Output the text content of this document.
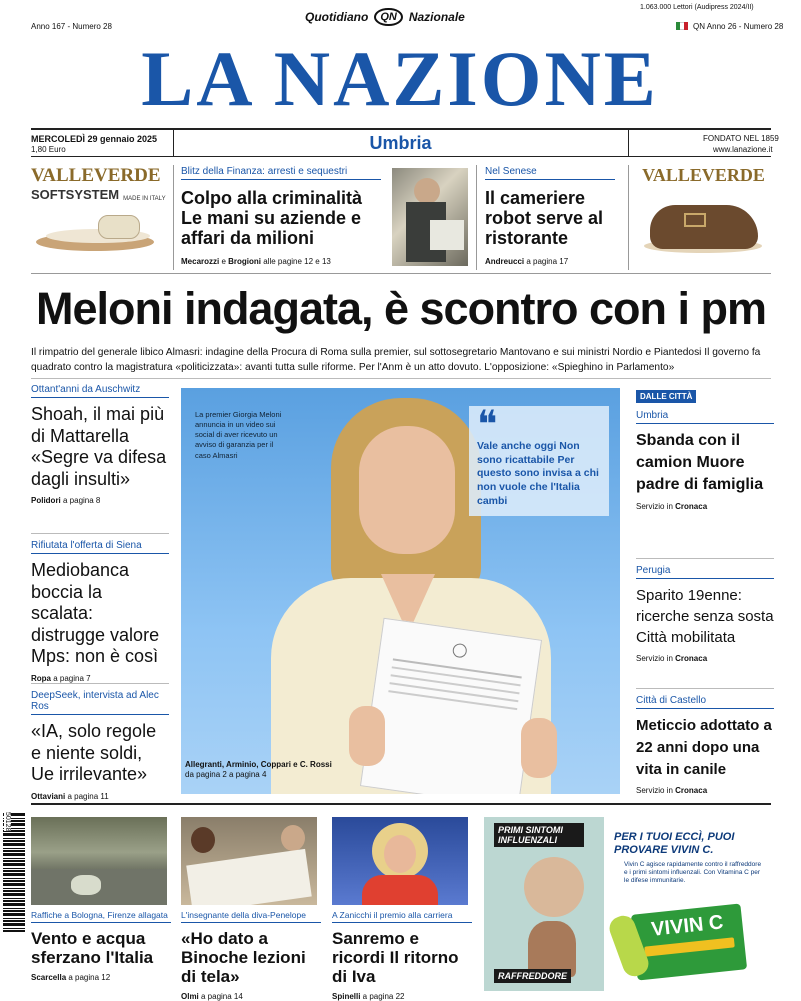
Anno 167 - Numero 28
Quotidiano	QN	Nazionale
1.063.000 Lettori (Audipress 2024/II)
QN Anno 26 - Numero 28
LA NAZIONE
MERCOLEDÌ 29 gennaio 2025
1,80 Euro	Umbria	FONDATO NEL 1859
www.lanazione.it
VALLEVERDE
SOFTSYSTEM MADE IN ITALY
Blitz della Finanza: arresti e sequestri
Colpo alla criminalità Le mani su aziende e affari da milioni
Mecarozzi e Brogioni alle pagine 12 e 13
Nel Senese
Il cameriere robot serve al ristorante
Andreucci a pagina 17
VALLEVERDE
Meloni indagata, è scontro con i pm
Il rimpatrio del generale libico Almasri: indagine della Procura di Roma sulla premier, sul sottosegretario Mantovano e sui ministri Nordio e Piantedosi Il governo fa quadrato contro la magistratura «politicizzata»: avanti tutta sulle riforme. Per l'Anm è un atto dovuto. L'opposizione: «Spieghino in Parlamento»
Ottant'anni da Auschwitz
Shoah, il mai più di Mattarella «Segre va difesa dagli insulti»
Polidori a pagina 8
Rifiutata l'offerta di Siena
Mediobanca boccia la scalata: distrugge valore Mps: non è così
Ropa a pagina 7
DeepSeek, intervista ad Alec Ros
«IA, solo regole e niente soldi, Ue irrilevante»
Ottaviani a pagina 11
La premier Giorgia Meloni annuncia in un video sui social di aver ricevuto un avviso di garanzia per il caso Almasri
❝
Vale anche oggi Non sono ricattabile Per questo sono invisa a chi non vuole che l'Italia cambi
Allegranti, Arminio, Coppari e C. Rossi
da pagina 2 a pagina 4
DALLE CITTÀ
Umbria
Sbanda con il camion Muore padre di famiglia
Servizio in Cronaca
Perugia
Sparito 19enne: ricerche senza sosta Città mobilitata
Servizio in Cronaca
Città di Castello
Meticcio adottato a 22 anni dopo una vita in canile
Servizio in Cronaca
50128
Raffiche a Bologna, Firenze allagata
Vento e acqua sferzano l'Italia
Scarcella a pagina 12
L'insegnante della diva-Penelope
«Ho dato a Binoche lezioni di tela»
Olmi a pagina 14
A Zanicchi il premio alla carriera
Sanremo e ricordi Il ritorno di Iva
Spinelli a pagina 22
PRIMI SINTOMI INFLUENZALI
RAFFREDDORE
PER I TUOI ECCÌ, PUOI PROVARE VIVIN C.
Vivin C agisce rapidamente contro il raffreddore e i primi sintomi influenzali. Con Vitamina C per le difese immunitarie.
VIVIN C
